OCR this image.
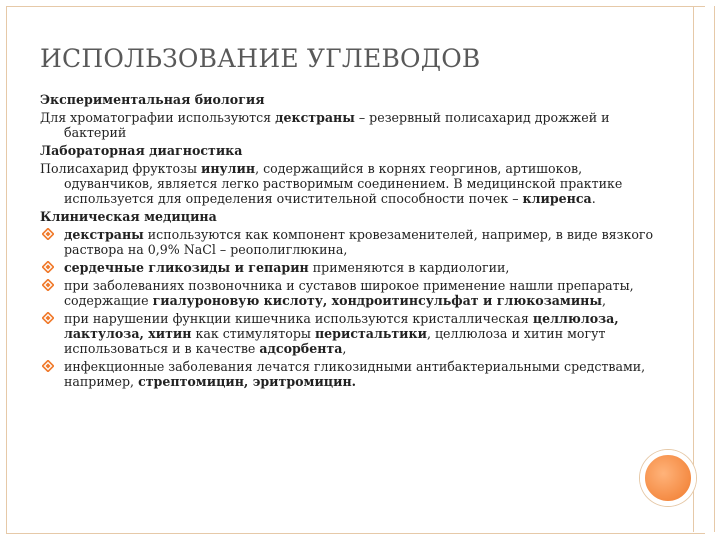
ИСПОЛЬЗОВАНИЕ УГЛЕВОДОВ
Экспериментальная биология
Для хроматографии используются декстраны – резервный полисахарид дрожжей и бактерий
Лабораторная диагностика
Полисахарид фруктозы инулин, содержащийся в корнях георгинов, артишоков, одуванчиков, является легко растворимым соединением. В медицинской практике используется для определения очистительной способности почек – клиренса.
Клиническая медицина
декстраны используются как компонент кровезаменителей, например, в виде вязкого раствора на 0,9% NaCl – реополиглюкина,
сердечные гликозиды и гепарин применяются в кардиологии,
при заболеваниях позвоночника и суставов широкое применение нашли препараты, содержащие гиалуроновую кислоту, хондроитинсульфат и глюкозамины,
при нарушении функции кишечника используются кристаллическая целлюлоза, лактулоза, хитин как стимуляторы перистальтики, целлюлоза и хитин могут использоваться и в качестве адсорбента,
инфекционные заболевания лечатся гликозидными антибактериальными средствами, например, стрептомицин, эритромицин.
